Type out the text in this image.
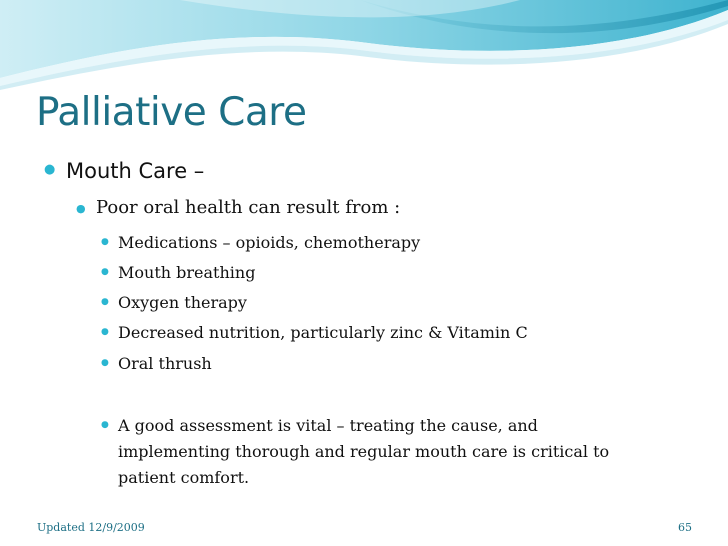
Palliative Care
● Mouth Care –
● Poor oral health can result from :
● Medications – opioids, chemotherapy
● Mouth breathing
● Oxygen therapy
● Decreased nutrition, particularly zinc & Vitamin C
● Oral thrush
● A good assessment is vital – treating the cause, and
implementing thorough and regular mouth care is critical to
patient comfort.
Updated 12/9/2009	65
